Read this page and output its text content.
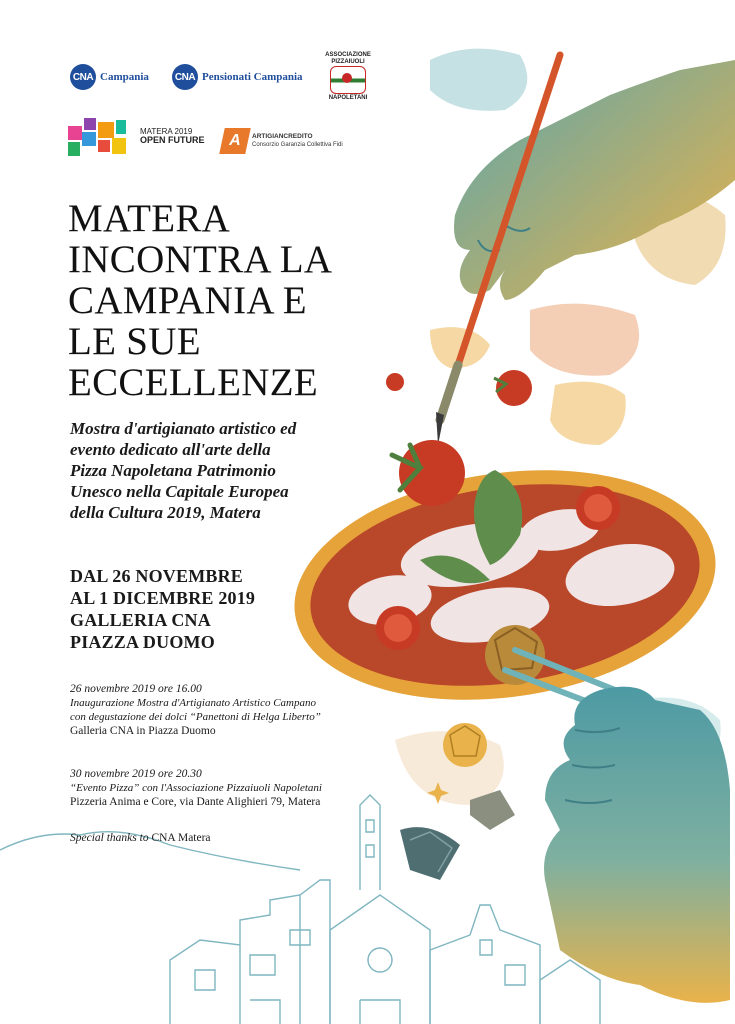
CNA Campania	CNA Pensionati Campania
ASSOCIAZIONE PIZZAIUOLI
NAPOLETANI
MATERA 2019
OPEN FUTURE	A	ARTIGIANCREDITO
Consorzio Garanzia Collettiva Fidi
MATERA
INCONTRA LA
CAMPANIA E
LE SUE
ECCELLENZE
Mostra d'artigianato artistico ed
evento dedicato all'arte della
Pizza Napoletana Patrimonio
Unesco nella Capitale Europea
della Cultura 2019, Matera
DAL 26 NOVEMBRE
AL 1 DICEMBRE 2019
GALLERIA CNA
PIAZZA DUOMO
26 novembre 2019 ore 16.00
Inaugurazione Mostra d'Artigianato Artistico Campano
con degustazione dei dolci “Panettoni di Helga Liberto”
Galleria CNA in Piazza Duomo
30 novembre 2019 ore 20.30
“Evento Pizza” con l'Associazione Pizzaiuoli Napoletani
Pizzeria Anima e Core, via Dante Alighieri 79, Matera
Special thanks to CNA Matera
